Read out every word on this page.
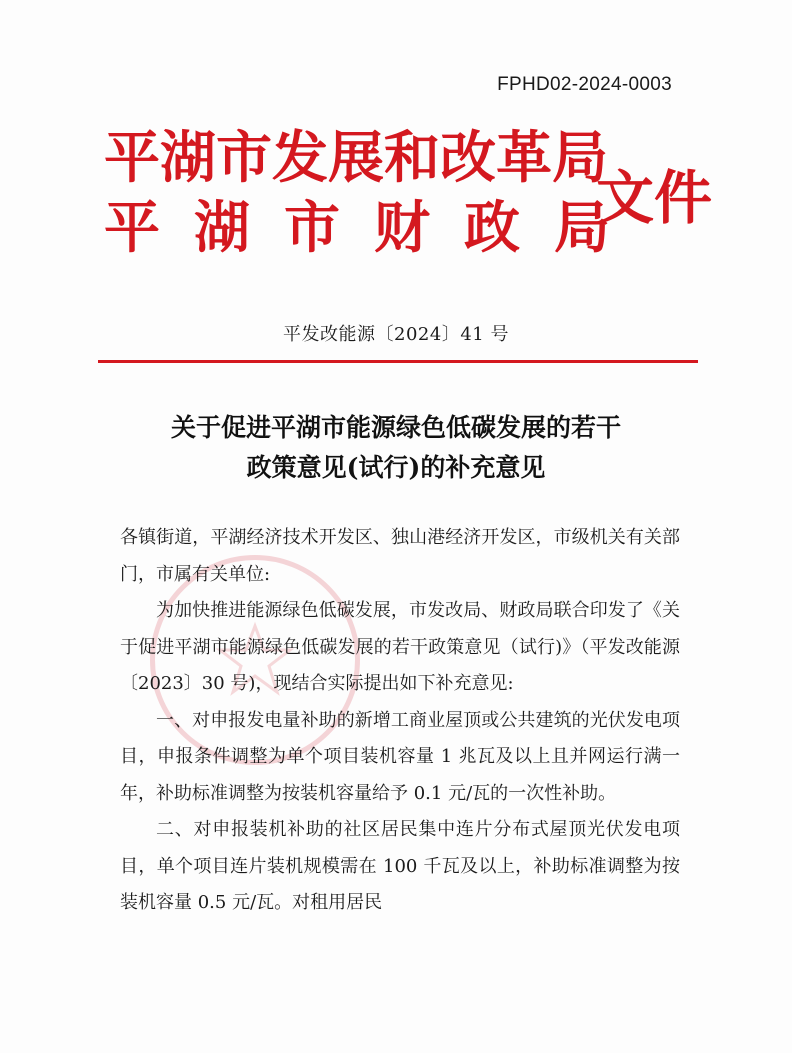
FPHD02-2024-0003
平湖市发展和改革局
平湖市财政局
文件
平发改能源〔2024〕41 号
关于促进平湖市能源绿色低碳发展的若干
政策意见(试行)的补充意见

各镇街道，平湖经济技术开发区、独山港经济开发区，市级机关有关部门，市属有关单位:

为加快推进能源绿色低碳发展，市发改局、财政局联合印发了《关于促进平湖市能源绿色低碳发展的若干政策意见（试行)》（平发改能源〔2023〕30 号)，现结合实际提出如下补充意见:

一、对申报发电量补助的新增工商业屋顶或公共建筑的光伏发电项目，申报条件调整为单个项目装机容量 1 兆瓦及以上且并网运行满一年，补助标准调整为按装机容量给予 0.1 元/瓦的一次性补助。

二、对申报装机补助的社区居民集中连片分布式屋顶光伏发电项目，单个项目连片装机规模需在 100 千瓦及以上，补助标准调整为按装机容量 0.5 元/瓦。对租用居民
